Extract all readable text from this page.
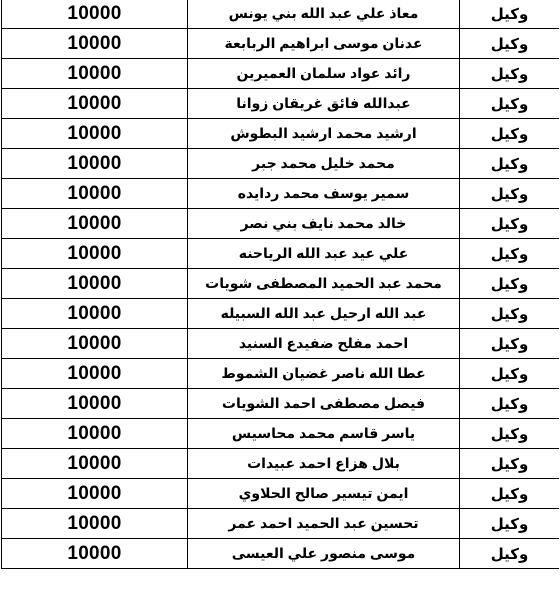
10000	معاذ علي عبد الله بني يونس	وكيل
10000	عدنان موسى ابراهيم الربابعة	وكيل
10000	رائد عواد سلمان العميرين	وكيل
10000	عبدالله فائق غريقان زوانا	وكيل
10000	ارشيد محمد ارشيد البطوش	وكيل
10000	محمد خليل محمد جبر	وكيل
10000	سمير يوسف محمد ردايده	وكيل
10000	خالد محمد نايف بني نصر	وكيل
10000	علي عيد عبد الله الرياحنه	وكيل
10000	محمد عبد الحميد المصطفى شويات	وكيل
10000	عبد الله ارحيل عبد الله السبيله	وكيل
10000	احمد مفلح ضفيدع السنيد	وكيل
10000	عطا الله ناصر غضيان الشموط	وكيل
10000	فيصل مصطفى احمد الشويات	وكيل
10000	ياسر قاسم محمد محاسيس	وكيل
10000	بلال هزاع احمد عبيدات	وكيل
10000	ايمن تيسير صالح الحلاوي	وكيل
10000	تحسين عبد الحميد احمد عمر	وكيل
10000	موسى منصور علي العيسى	وكيل
